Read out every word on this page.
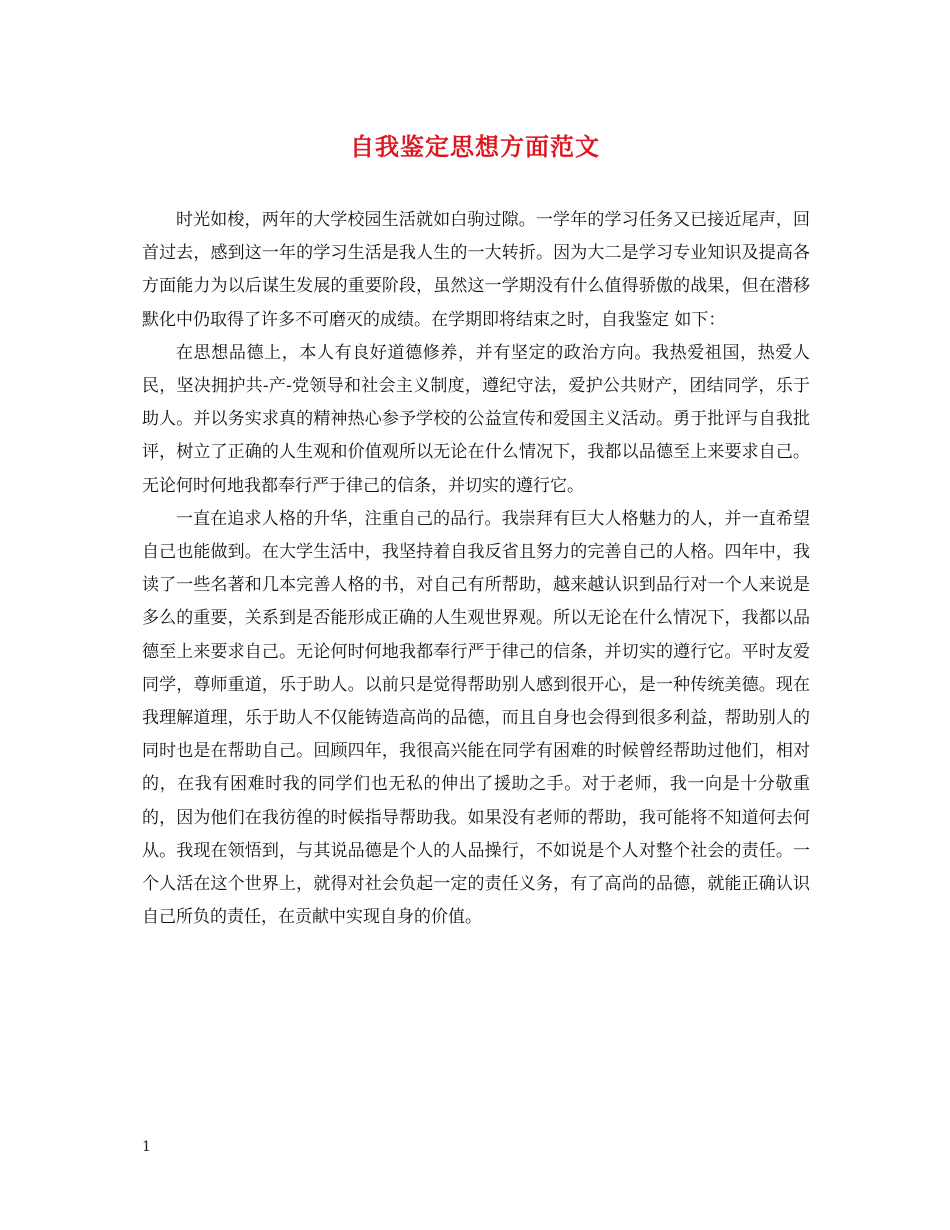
自我鉴定思想方面范文

时光如梭，两年的大学校园生活就如白驹过隙。一学年的学习任务又已接近尾声，回首过去，感到这一年的学习生活是我人生的一大转折。因为大二是学习专业知识及提高各方面能力为以后谋生发展的重要阶段，虽然这一学期没有什么值得骄傲的战果，但在潜移默化中仍取得了许多不可磨灭的成绩。在学期即将结束之时，自我鉴定 如下：

在思想品德上，本人有良好道德修养，并有坚定的政治方向。我热爱祖国，热爱人民，坚决拥护共-产-党领导和社会主义制度，遵纪守法，爱护公共财产，团结同学，乐于助人。并以务实求真的精神热心参予学校的公益宣传和爱国主义活动。勇于批评与自我批评，树立了正确的人生观和价值观所以无论在什么情况下，我都以品德至上来要求自己。无论何时何地我都奉行严于律己的信条，并切实的遵行它。

一直在追求人格的升华，注重自己的品行。我崇拜有巨大人格魅力的人，并一直希望自己也能做到。在大学生活中，我坚持着自我反省且努力的完善自己的人格。四年中，我读了一些名著和几本完善人格的书，对自己有所帮助，越来越认识到品行对一个人来说是多么的重要，关系到是否能形成正确的人生观世界观。所以无论在什么情况下，我都以品德至上来要求自己。无论何时何地我都奉行严于律己的信条，并切实的遵行它。平时友爱同学，尊师重道，乐于助人。以前只是觉得帮助别人感到很开心，是一种传统美德。现在我理解道理，乐于助人不仅能铸造高尚的品德，而且自身也会得到很多利益，帮助别人的同时也是在帮助自己。回顾四年，我很高兴能在同学有困难的时候曾经帮助过他们，相对的，在我有困难时我的同学们也无私的伸出了援助之手。对于老师，我一向是十分敬重的，因为他们在我彷徨的时候指导帮助我。如果没有老师的帮助，我可能将不知道何去何从。我现在领悟到，与其说品德是个人的人品操行，不如说是个人对整个社会的责任。一个人活在这个世界上，就得对社会负起一定的责任义务，有了高尚的品德，就能正确认识自己所负的责任，在贡献中实现自身的价值。

1
